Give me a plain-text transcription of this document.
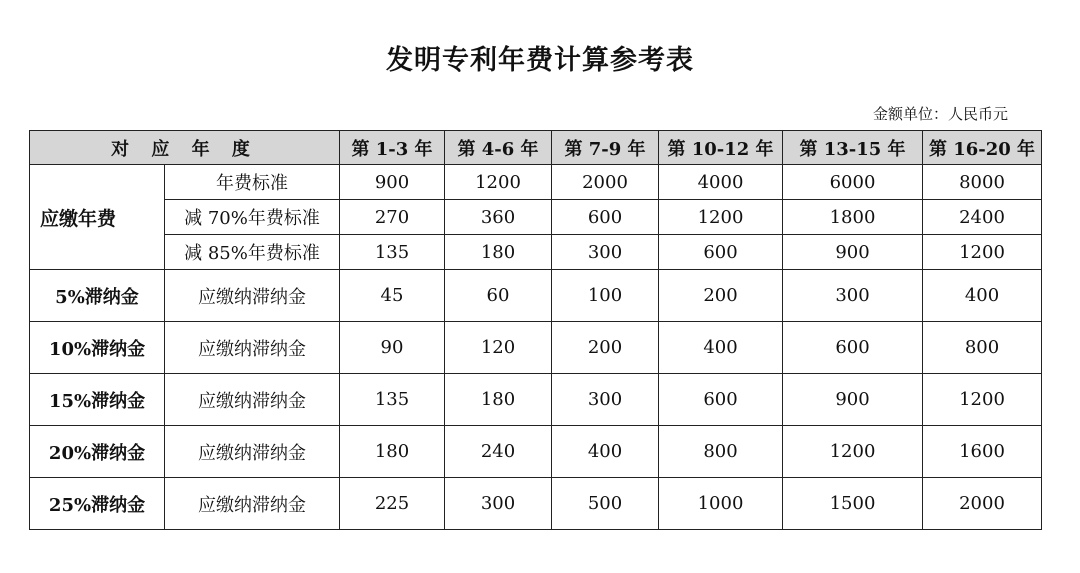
发明专利年费计算参考表
金额单位：人民币元
对 应 年 度		第 1-3 年	第 4-6 年	第 7-9 年	第 10-12 年	第 13-15 年	第 16-20 年
应缴年费	年费标准	900	1200	2000	4000	6000	8000
	减 70%年费标准	270	360	600	1200	1800	2400
	减 85%年费标准	135	180	300	600	900	1200
5%滞纳金	应缴纳滞纳金	45	60	100	200	300	400
10%滞纳金	应缴纳滞纳金	90	120	200	400	600	800
15%滞纳金	应缴纳滞纳金	135	180	300	600	900	1200
20%滞纳金	应缴纳滞纳金	180	240	400	800	1200	1600
25%滞纳金	应缴纳滞纳金	225	300	500	1000	1500	2000
